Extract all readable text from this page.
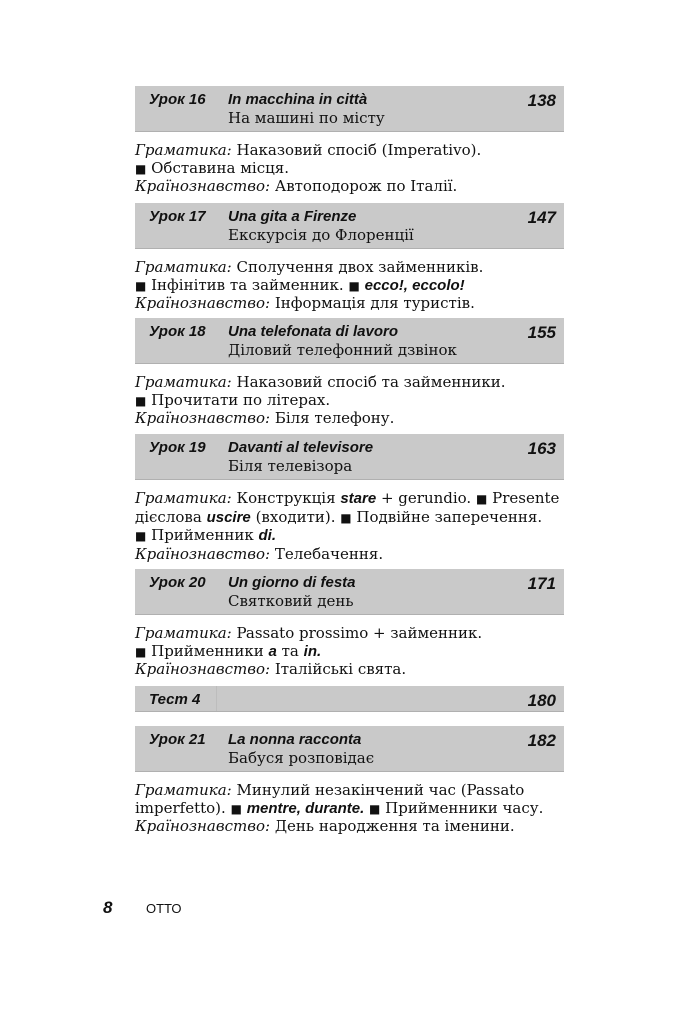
Урок 16 In macchina in città
На машині по місту
138
Граматика: Наказовий спосіб (Imperativo).
■ Обставина місця.
Країнознавство: Автоподорож по Італії.
Урок 17 Una gita a Firenze
Екскурсія до Флоренції
147
Граматика: Сполучення двох займенників.
■ Інфінітив та займенник. ■ ecco!, eccolo!
Країнознавство: Інформація для туристів.
Урок 18 Una telefonata di lavoro
Діловий телефонний дзвінок
155
Граматика: Наказовий спосіб та займенники.
■ Прочитати по літерах.
Країнознавство: Біля телефону.
Урок 19 Davanti al televisore
Біля телевізора
163
Граматика: Конструкція stare + gerundio. ■ Presente
дієслова uscire (входити). ■ Подвійне заперечення.
■ Прийменник di.
Країнознавство: Телебачення.
Урок 20 Un giorno di festa
Святковий день
171
Граматика: Passato prossimo + займенник.
■ Прийменники a та in.
Країнознавство: Італійські свята.
Тест 4	180
Урок 21 La nonna racconta
Бабуся розповідає
182
Граматика: Минулий незакінчений час (Passato
imperfetto). ■ mentre, durante. ■ Прийменники часу.
Країнознавство: День народження та іменини.
8	ОТТО
